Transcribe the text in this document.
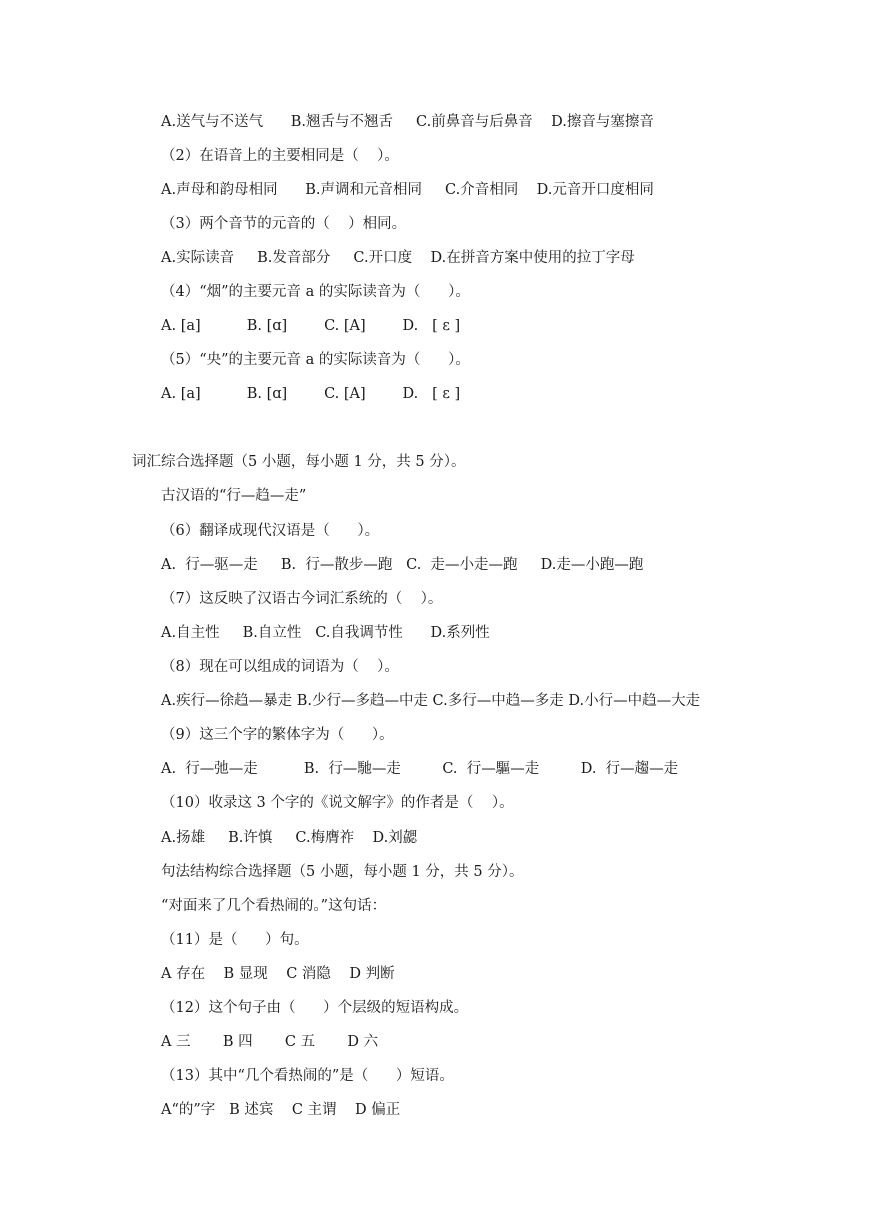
A.送气与不送气      B.翘舌与不翘舌     C.前鼻音与后鼻音    D.擦音与塞擦音
（2）在语音上的主要相同是（    ）。
A.声母和韵母相同      B.声调和元音相同     C.介音相同    D.元音开口度相同
（3）两个音节的元音的（    ）相同。
A.实际读音     B.发音部分     C.开口度    D.在拼音方案中使用的拉丁字母
（4）“烟”的主要元音 a 的实际读音为（      ）。
A. [a]          B. [ɑ]        C. [A]        D.   [ ε ]
（5）“央”的主要元音 a 的实际读音为（      ）。
A. [a]          B. [ɑ]        C. [A]        D.   [ ε ]
词汇综合选择题（5 小题，每小题 1 分，共 5 分）。
古汉语的“行—趋—走”
（6）翻译成现代汉语是（      ）。
A.  行—驱—走     B.  行—散步—跑   C.  走—小走—跑     D.走—小跑—跑
（7）这反映了汉语古今词汇系统的（    ）。
A.自主性     B.自立性   C.自我调节性      D.系列性
（8）现在可以组成的词语为（    ）。
A.疾行—徐趋—暴走 B.少行—多趋—中走 C.多行—中趋—多走 D.小行—中趋—大走
（9）这三个字的繁体字为（      ）。
A.  行—弛—走          B.  行—馳—走         C.  行—驅—走         D.  行—趨—走
（10）收录这 3 个字的《说文解字》的作者是（    ）。
A.扬雄     B.许慎     C.梅膺祚    D.刘勰
句法结构综合选择题（5 小题，每小题 1 分，共 5 分）。
“对面来了几个看热闹的。”这句话：
（11）是（      ）句。
A 存在    B 显现    C 消隐    D 判断
（12）这个句子由（      ）个层级的短语构成。
A 三       B 四       C 五       D 六
（13）其中“几个看热闹的”是（      ）短语。
A“的”字   B 述宾    C 主谓    D 偏正
